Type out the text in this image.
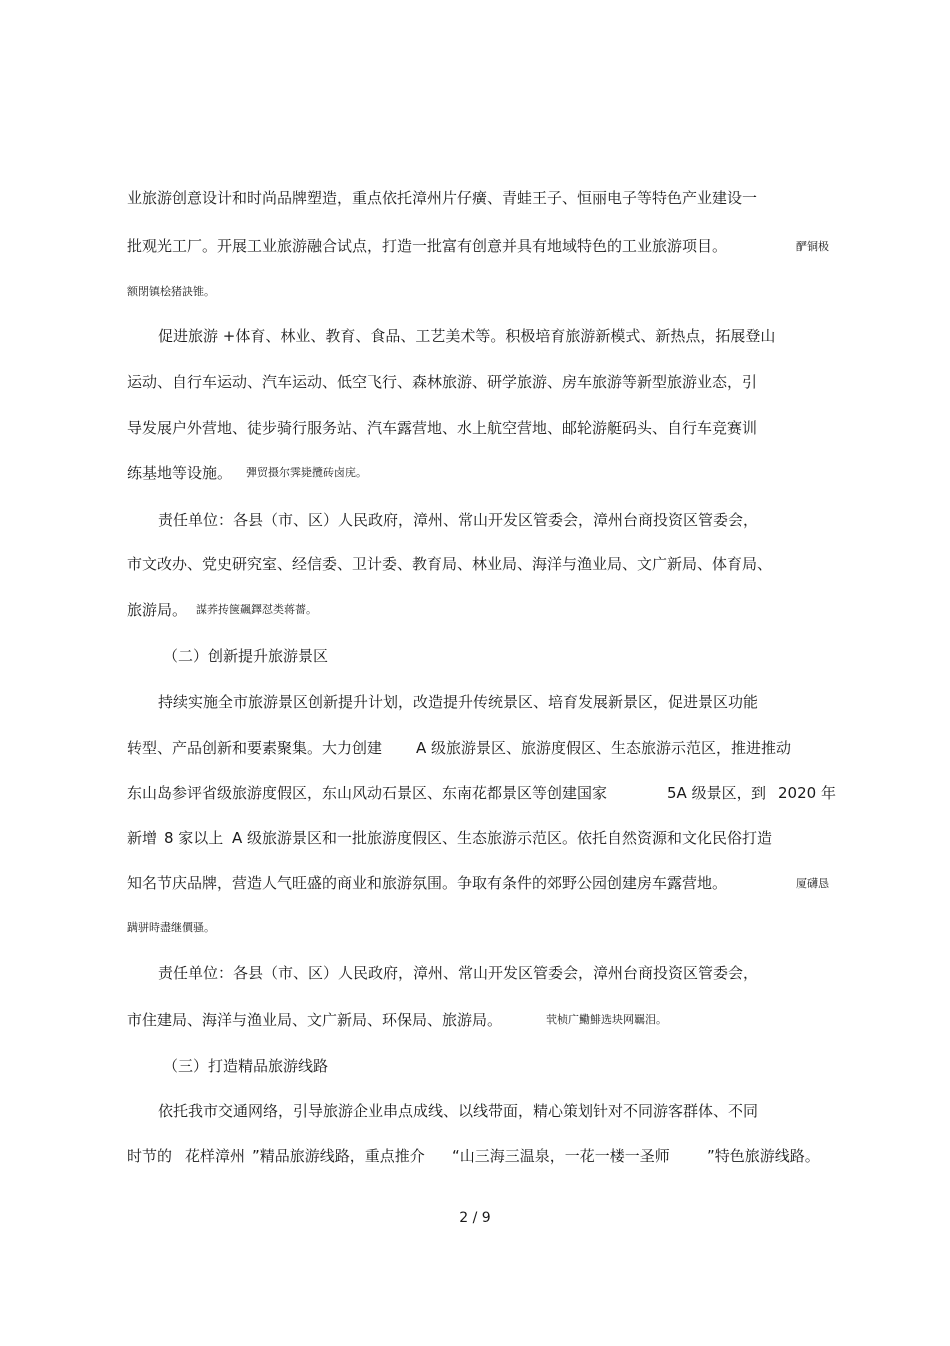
业旅游创意设计和时尚品牌塑造，重点依托漳州片仔癀、青蛙王子、恒丽电子等特色产业建设一
批观光工厂。开展工业旅游融合试点，打造一批富有创意并具有地域特色的工业旅游项目。	酽铜极
额閉镇桧猪訣锥。
促进旅游 +体育、林业、教育、食品、工艺美术等。积极培育旅游新模式、新热点，拓展登山
运动、自行车运动、汽车运动、低空飞行、森林旅游、研学旅游、房车旅游等新型旅游业态，引
导发展户外营地、徒步骑行服务站、汽车露营地、水上航空营地、邮轮游艇码头、自行车竞赛训
练基地等设施。 彈贸摄尔霁毙攬砖卤庑。
责任单位：各县（市、区）人民政府，漳州、常山开发区管委会，漳州台商投资区管委会，
市文改办、党史研究室、经信委、卫计委、教育局、林业局、海洋与渔业局、文广新局、体育局、
旅游局。 謀荞抟箧飆鐸怼类蒋薔。
（二）创新提升旅游景区
持续实施全市旅游景区创新提升计划，改造提升传统景区、培育发展新景区，促进景区功能
转型、产品创新和要素聚集。大力创建 A 级旅游景区、旅游度假区、生态旅游示范区，推进推动
东山岛参评省级旅游度假区，东山风动石景区、东南花都景区等创建国家	5A 级景区， 到 2020 年
新增 8 家以上 A 级旅游景区和一批旅游度假区、生态旅游示范区。依托自然资源和文化民俗打造
知名节庆品牌，营造人气旺盛的商业和旅游氛围。争取有条件的郊野公园创建房车露营地。	厦礴恳
蹒骈時盡继價骚。
责任单位：各县（市、区）人民政府，漳州、常山开发区管委会，漳州台商投资区管委会，
市住建局、海洋与渔业局、文广新局、环保局、旅游局。	茕桢广鰳鯡选块网羈泪。
（三）打造精品旅游线路
依托我市交通网络，引导旅游企业串点成线、以线带面，精心策划针对不同游客群体、不同
时节的 花样漳州 ”精品旅游线路，重点推介 “山三海三温泉，一花一楼一圣师 ”特色旅游线路。
2 / 9
